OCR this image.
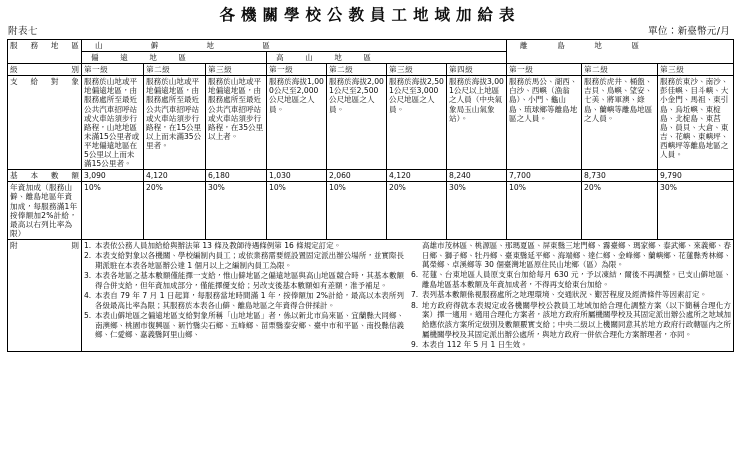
各機關學校公教員工地域加給表
附表七	單位：新臺幣元/月
服 務 地 區	山　　僻　　地　　區							離　島　地　區		
	偏　遠　地　區			高　山　地　區						
級　　　別	第一級	第二級	第三級	第一級	第二級	第三級	第四級	第一級	第二級	第三級
支 給 對 象	服務於山地或平地偏遠地區，由服務處所至最近公共汽車招呼站或火車站須步行路程，山地地區未滿15公里者或平地偏遠地區在5公里以上而未滿15公里者。	服務於山地或平地偏遠地區，由服務處所至最近公共汽車招呼站或火車站須步行路程，在15公里以上而未滿35公里者。	服務於山地或平地偏遠地區，由服務處所至最近公共汽車招呼站或火車站須步行路程，在35公里以上者。	服務於海拔1,000公尺至2,000公尺地區之人員。	服務於海拔2,001公尺至2,500公尺地區之人員。	服務於海拔2,501公尺至3,000公尺地區之人員。	服務於海拔3,001公尺以上地區之人員（中央氣象局玉山氣象站）。	服務於馬公、湖西、白沙、西嶼（漁翁島）、小門、龜山島、琉球鄉等離島地區之人員。	服務於虎井、桶盤、吉貝、鳥嶼、望安、七美、將軍澳、綠島、蘭嶼等離島地區之人員。	服務於東沙、南沙、彭佳嶼、目斗嶼、大小金門、馬祖、東引島、烏坵嶼、東椗島、北椗島、東莒島、員貝、大倉、東吉、花嶼、東嶼坪、西嶼坪等離島地區之人員。
基 本 數 額	3,090	4,120	6,180	1,030	2,060	4,120	8,240	7,700	8,730	9,790
年資加成（服務山僻、離島地區年資加成，每服務滿1年按俸額加2%計給，最高以右列比率為限）	10%	20%	30%	10%	10%	20%	30%	10%	20%	30%
附　　　則	1. 本表依公務人員加給給與辦法第 13 條及教師待遇條例第 16 條規定訂定。
2. 本表支給對象以各機關、學校編制內員工；或依業務需要經設置固定派出辦公場所，並實際長期派駐在本表各地區辦公達 1 個月以上之編制內員工為限。
3. 本表各地區之基本數額僅能擇一支給，惟山僻地區之偏遠地區與高山地區競合時，其基本數額得合併支給，但年資加成部分，僅能擇優支給；另改支後基本數額如有差額，准予補足。
4. 本表自 79 年 7 月 1 日起算，每服務當地時間滿 1 年，按俸額加 2%計給，最高以本表所列各級最高比率為限；其服務於本表各山僻、離島地區之年資得合併採計。
5. 本表山僻地區之偏遠地區支給對象所稱「山地地區」者，係以新北市烏來區、宜蘭縣大同鄉、南澳鄉、桃園市復興區、新竹縣尖石鄉、五峰鄉、苗栗縣泰安鄉、臺中市和平區、南投縣信義鄉、仁愛鄉、嘉義縣阿里山鄉、
高雄市茂林區、桃源區、那瑪夏區、屏東縣三地門鄉、霧臺鄉、瑪家鄉、泰武鄉、來義鄉、春日鄉、獅子鄉、牡丹鄉、臺東縣延平鄉、海端鄉、達仁鄉、金峰鄉、蘭嶼鄉、花蓮縣秀林鄉、萬榮鄉、卓溪鄉等 30 個臺灣地區原住民山地鄉（區）為限。
6. 花蓮、台東地區人員原支東台加給每月 630 元，予以凍結，爾後不再調整。已支山僻地區、離島地區基本數額及年資加成者，不得再支給東台加給。
7. 表列基本數額係視服務處所之地理環境、交通狀況、艱苦程度及經濟條件等因素訂定。
8. 地方政府得就本表規定或各機關學校公教員工地域加給合理化調整方案（以下簡稱合理化方案）擇一適用。適用合理化方案者，該地方政府所屬機關學校及其固定派出辦公處所之地域加給應依該方案所定級別及數額覈實支給；中央二級以上機關同意其於地方政府行政轄區內之所屬機關學校及其固定派出辦公處所，與地方政府一併依合理化方案辦理者，亦同。
9. 本表自 112 年 5 月 1 日生效。
